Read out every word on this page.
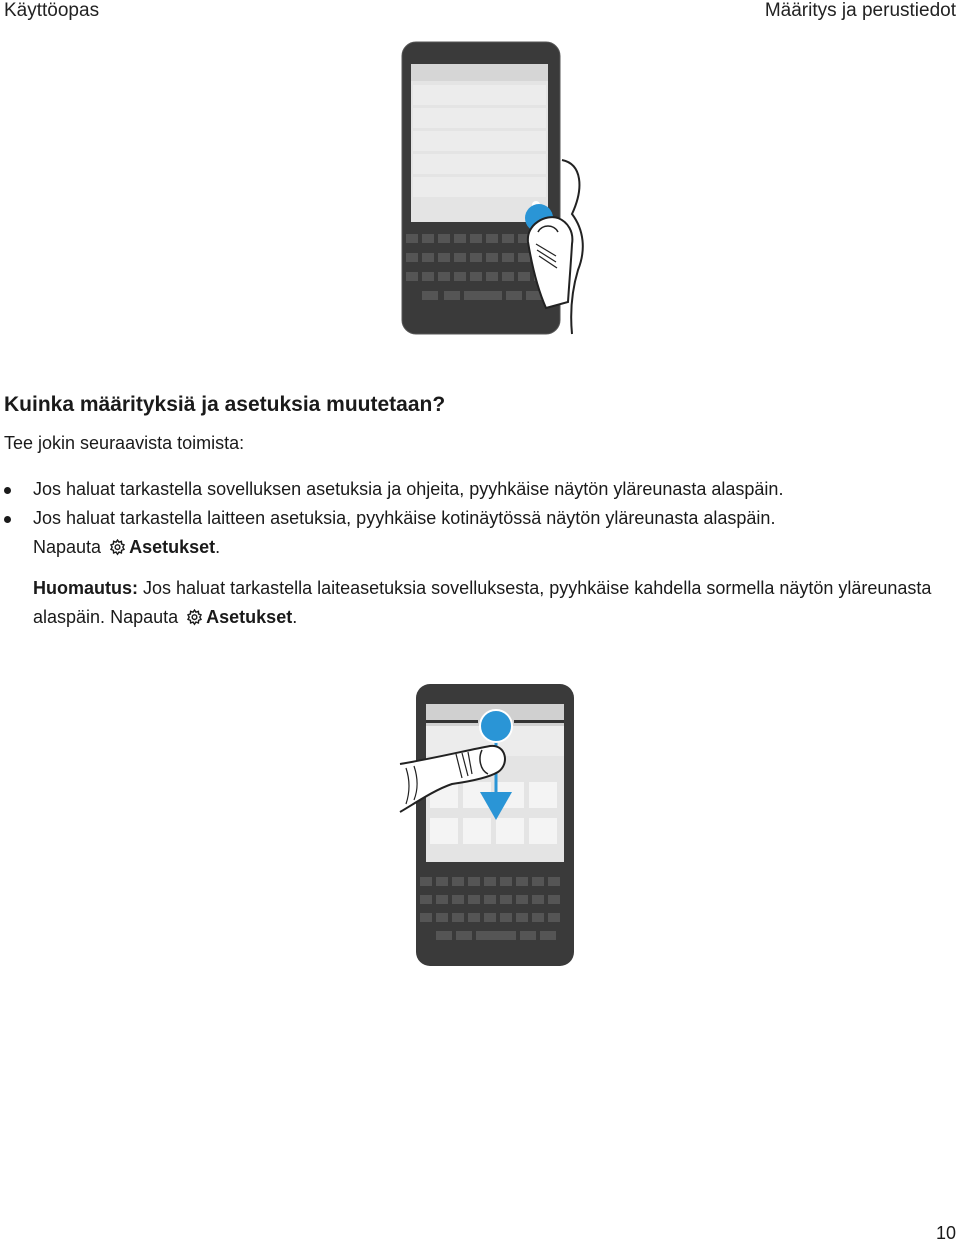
Käyttöopas	Määritys ja perustiedot
Kuinka määrityksiä ja asetuksia muutetaan?
Tee jokin seuraavista toimista:
Jos haluat tarkastella sovelluksen asetuksia ja ohjeita, pyyhkäise näytön yläreunasta alaspäin.
Jos haluat tarkastella laitteen asetuksia, pyyhkäise kotinäytössä näytön yläreunasta alaspäin.
Napauta Asetukset.
Huomautus: Jos haluat tarkastella laiteasetuksia sovelluksesta, pyyhkäise kahdella sormella näytön yläreunasta alaspäin. Napauta Asetukset.
10
